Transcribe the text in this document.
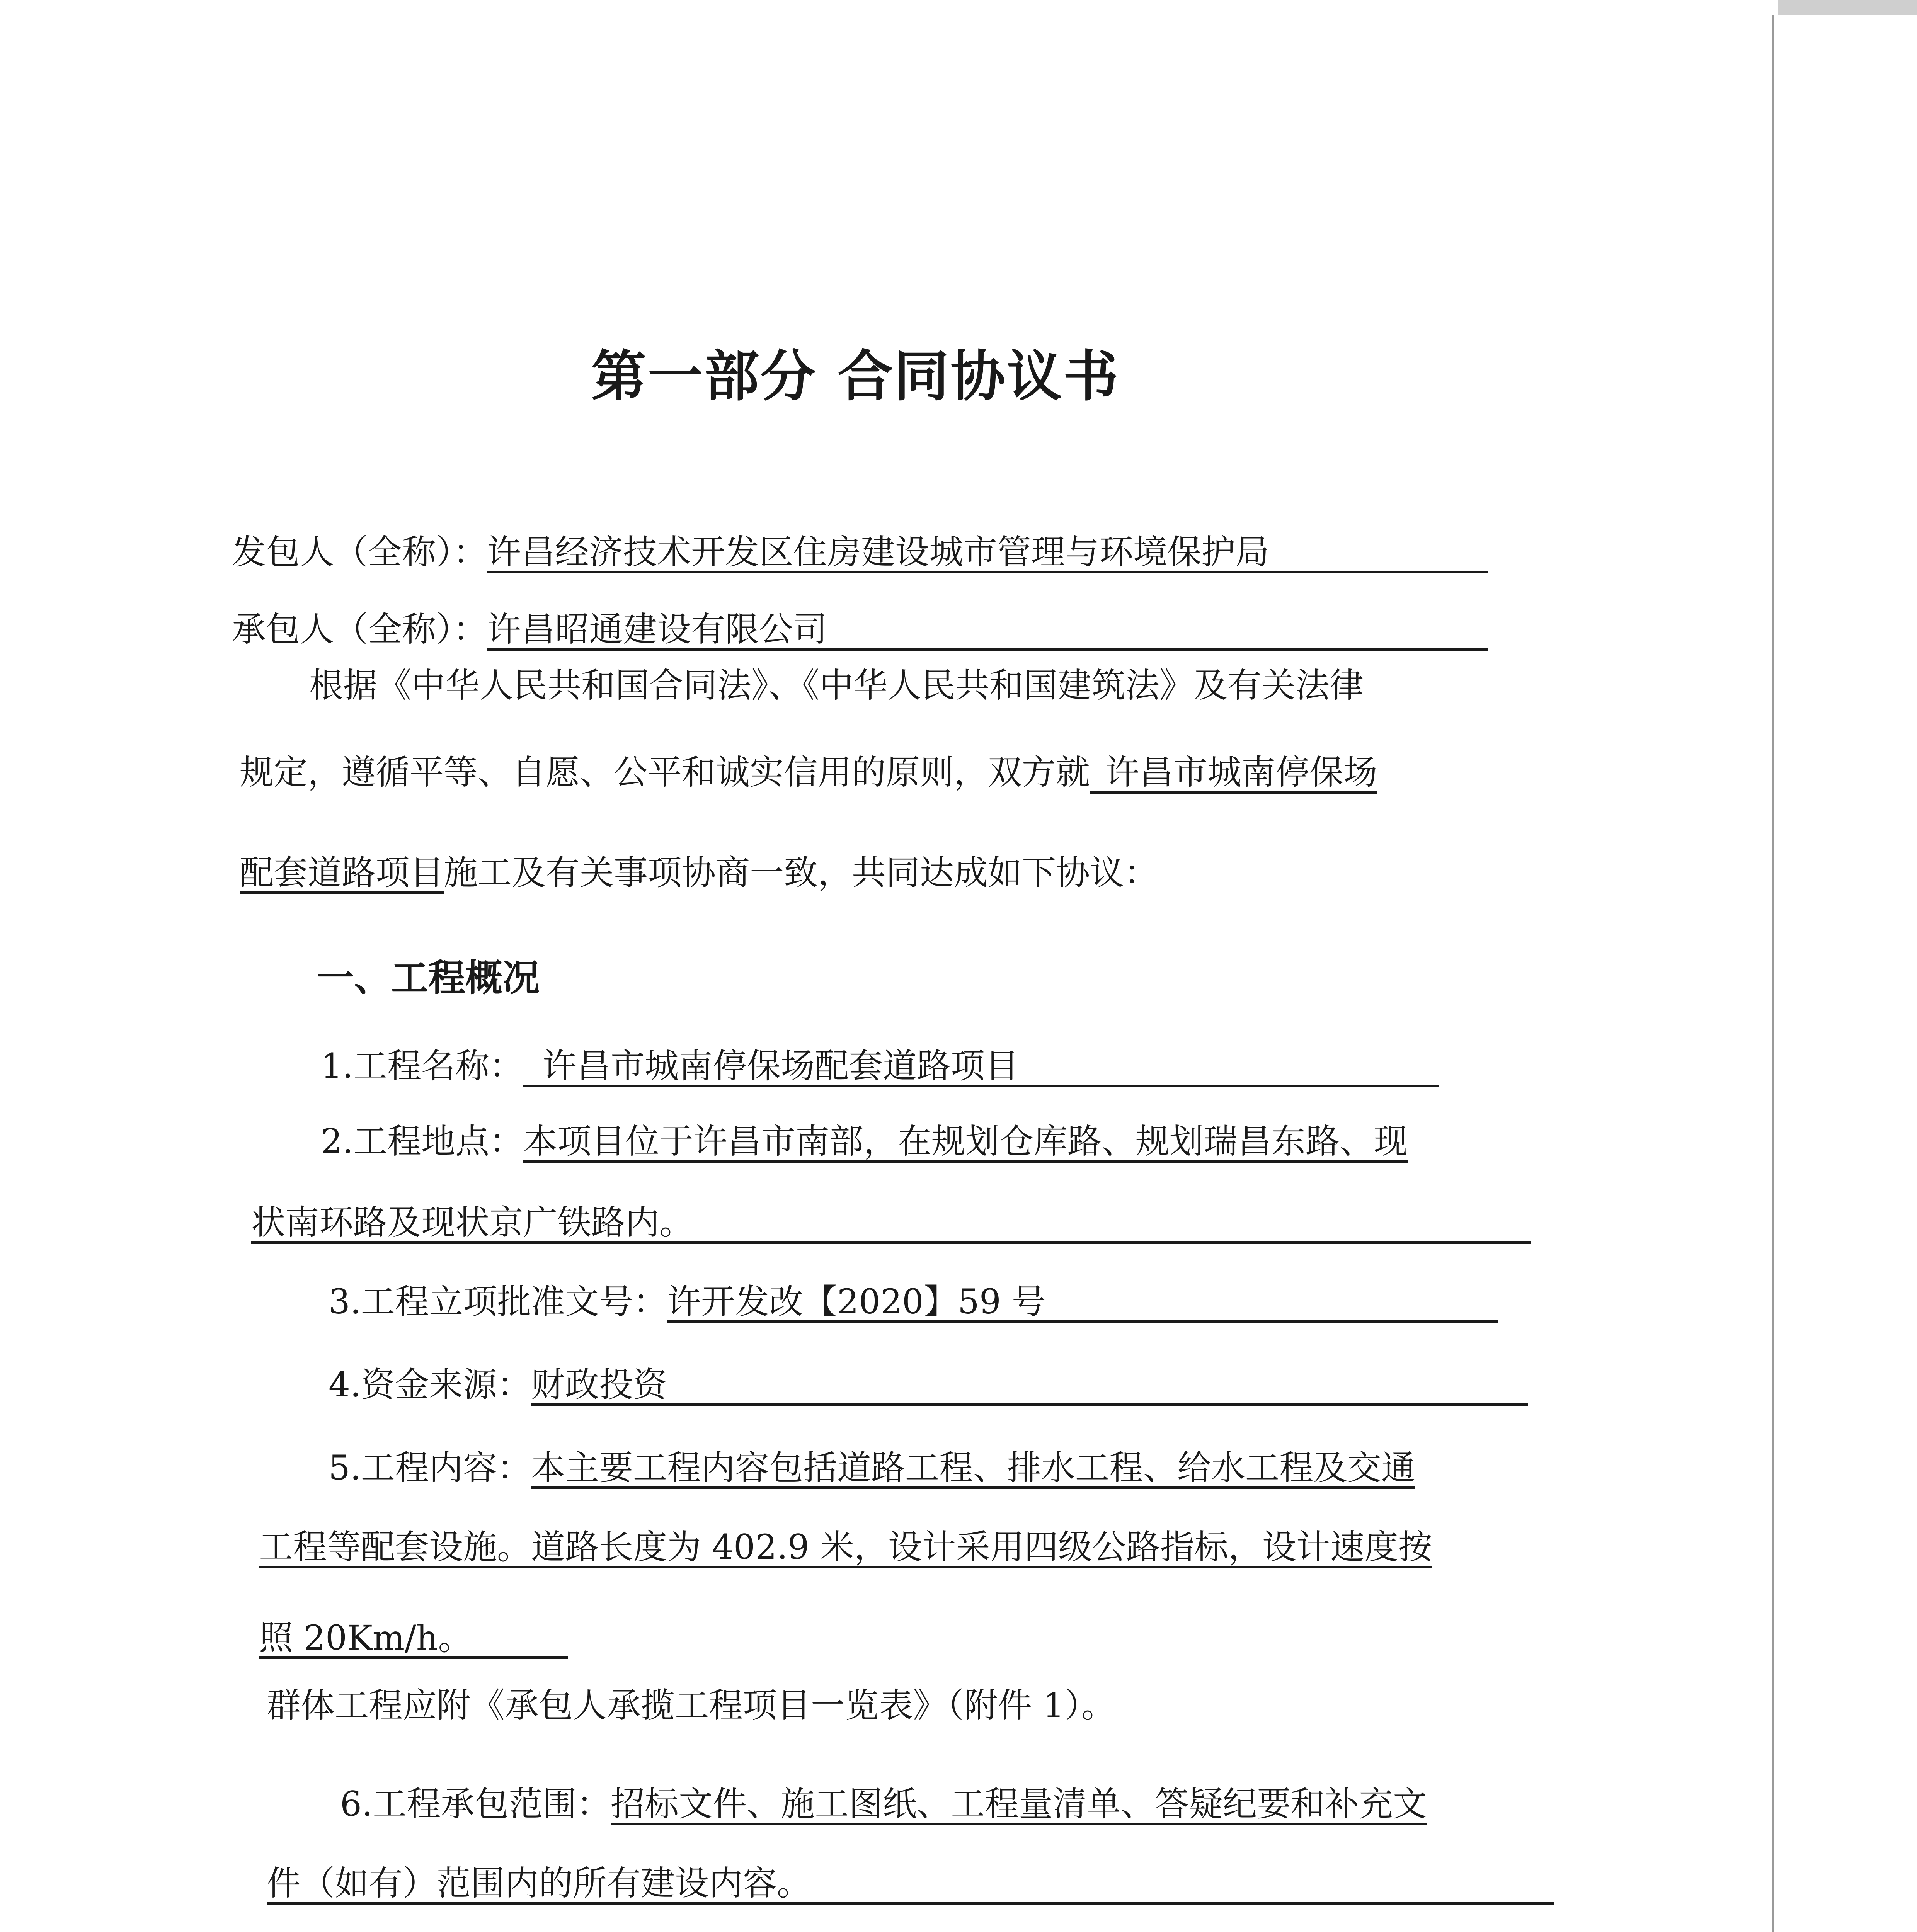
第一部分 合同协议书
发包人（全称）：许昌经济技术开发区住房建设城市管理与环境保护局
承包人（全称）：许昌昭通建设有限公司
根据《中华人民共和国合同法》、《中华人民共和国建筑法》及有关法律
规定，遵循平等、自愿、公平和诚实信用的原则，双方就 许昌市城南停保场
配套道路项目施工及有关事项协商一致，共同达成如下协议：
一、工程概况
1.工程名称： 许昌市城南停保场配套道路项目
2.工程地点：本项目位于许昌市南部，在规划仓库路、规划瑞昌东路、现
状南环路及现状京广铁路内。
3.工程立项批准文号：许开发改【2020】59 号
4.资金来源：财政投资
5.工程内容：本主要工程内容包括道路工程、排水工程、给水工程及交通
工程等配套设施。道路长度为 402.9 米，设计采用四级公路指标，设计速度按
照 20Km/h。
群体工程应附《承包人承揽工程项目一览表》（附件 1）。
6.工程承包范围：招标文件、施工图纸、工程量清单、答疑纪要和补充文
件（如有）范围内的所有建设内容。
